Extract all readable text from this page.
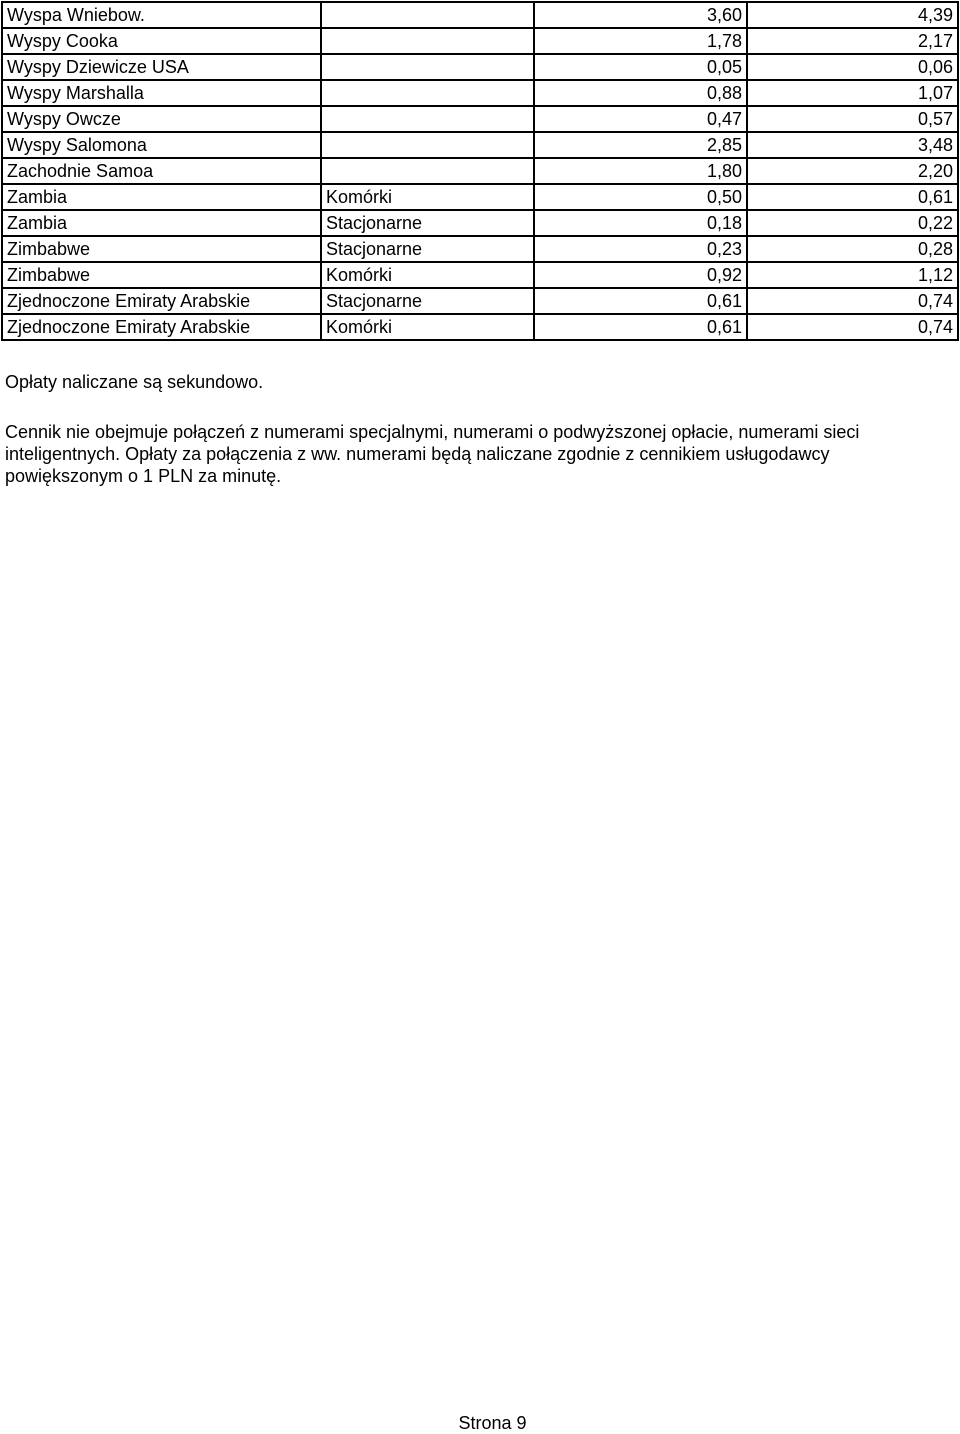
Wyspa Wniebow.		3,60	4,39
Wyspy Cooka		1,78	2,17
Wyspy Dziewicze USA		0,05	0,06
Wyspy Marshalla		0,88	1,07
Wyspy Owcze		0,47	0,57
Wyspy Salomona		2,85	3,48
Zachodnie Samoa		1,80	2,20
Zambia	Komórki	0,50	0,61
Zambia	Stacjonarne	0,18	0,22
Zimbabwe	Stacjonarne	0,23	0,28
Zimbabwe	Komórki	0,92	1,12
Zjednoczone Emiraty Arabskie	Stacjonarne	0,61	0,74
Zjednoczone Emiraty Arabskie	Komórki	0,61	0,74

Opłaty naliczane są sekundowo.

Cennik nie obejmuje połączeń z numerami specjalnymi, numerami o podwyższonej opłacie, numerami sieci inteligentnych. Opłaty za połączenia z ww. numerami będą naliczane zgodnie z cennikiem usługodawcy powiększonym o 1 PLN za minutę.

Strona 9
